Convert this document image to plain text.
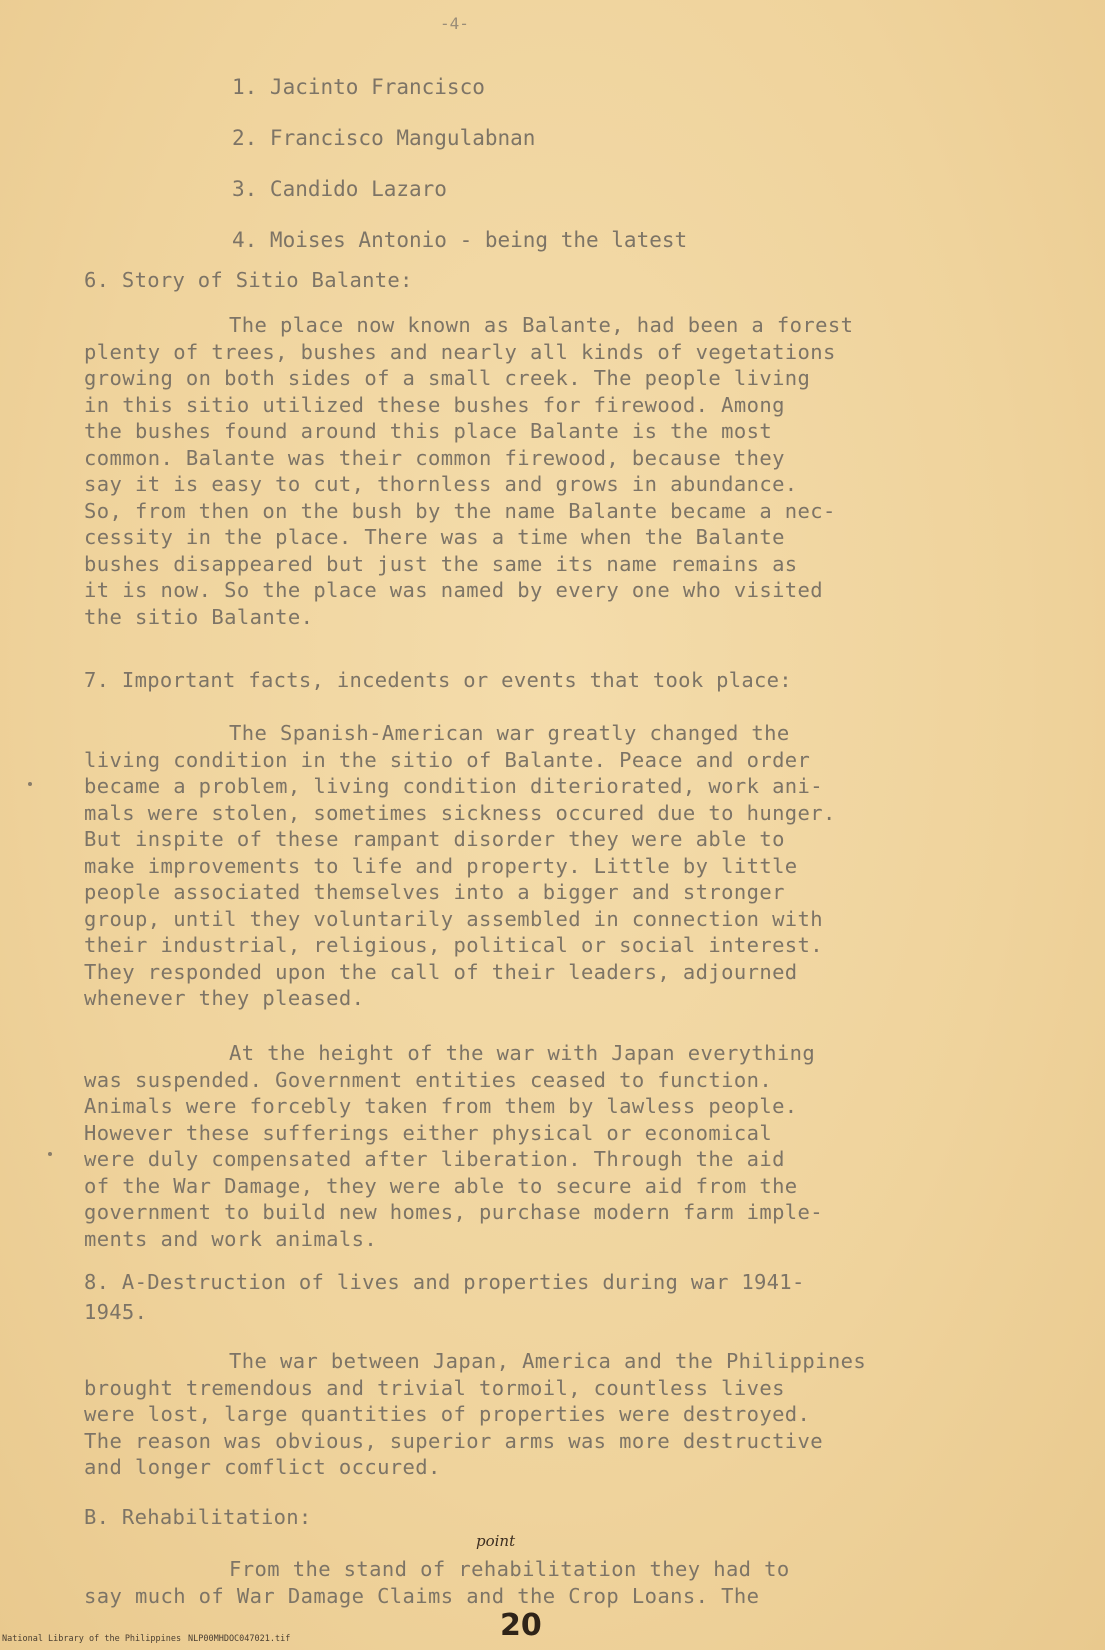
-4-
1. Jacinto Francisco
2. Francisco Mangulabnan
3. Candido Lazaro
4. Moises Antonio - being the latest
6. Story of Sitio Balante:
The place now known as Balante, had been a forest
plenty of trees, bushes and nearly all kinds of vegetations
growing on both sides of a small creek. The people living
in this sitio utilized these bushes for firewood. Among
the bushes found around this place Balante is the most
common. Balante was their common firewood, because they
say it is easy to cut, thornless and grows in abundance.
So, from then on the bush by the name Balante became a nec-
cessity in the place. There was a time when the Balante
bushes disappeared but just the same its name remains as
it is now. So the place was named by every one who visited
the sitio Balante.
7. Important facts, incedents or events that took place:
The Spanish-American war greatly changed the
living condition in the sitio of Balante. Peace and order
became a problem, living condition diteriorated, work ani-
mals were stolen, sometimes sickness occured due to hunger.
But inspite of these rampant disorder they were able to
make improvements to life and property. Little by little
people associated themselves into a bigger and stronger
group, until they voluntarily assembled in connection with
their industrial, religious, political or social interest.
They responded upon the call of their leaders, adjourned
whenever they pleased.
At the height of the war with Japan everything
was suspended. Government entities ceased to function.
Animals were forcebly taken from them by lawless people.
However these sufferings either physical or economical
were duly compensated after liberation. Through the aid
of the War Damage, they were able to secure aid from the
government to build new homes, purchase modern farm imple-
ments and work animals.
8. A-Destruction of lives and properties during war 1941-
1945.
The war between Japan, America and the Philippines
brought tremendous and trivial tormoil, countless lives
were lost, large quantities of properties were destroyed.
The reason was obvious, superior arms was more destructive
and longer comflict occured.
B. Rehabilitation:
point
From the stand of rehabilitation they had to
say much of War Damage Claims and the Crop Loans. The
20
National Library of the Philippines NLP00MHDOC047021.tif
